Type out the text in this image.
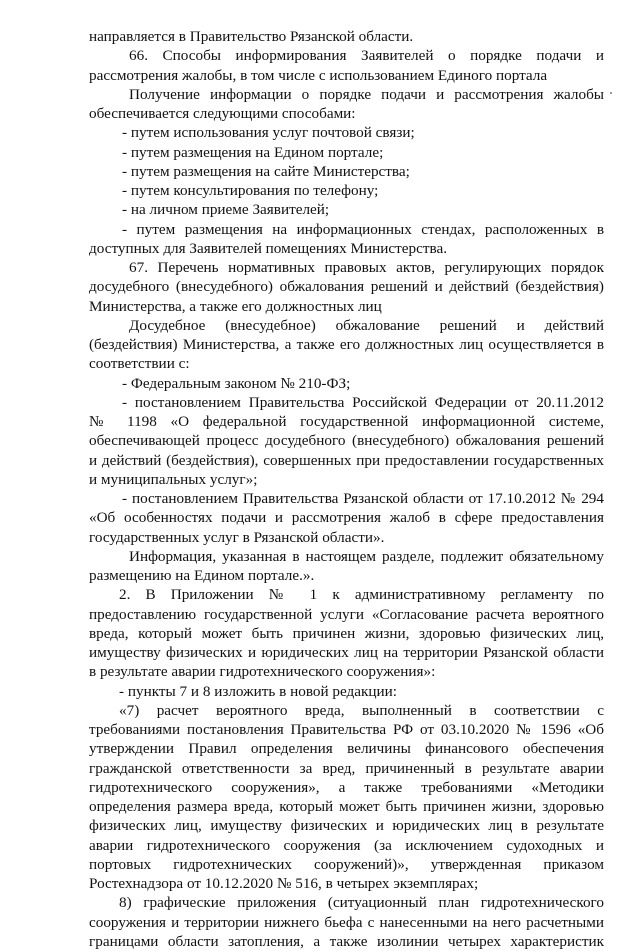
направляется в Правительство Рязанской области.
66. Способы информирования Заявителей о порядке подачи и
рассмотрения жалобы, в том числе с использованием Единого портала
Получение информации о порядке подачи и рассмотрения жалобы
обеспечивается следующими способами:
- путем использования услуг почтовой связи;
- путем размещения на Едином портале;
- путем размещения на сайте Министерства;
- путем консультирования по телефону;
- на личном приеме Заявителей;
- путем размещения на информационных стендах, расположенных в
доступных для Заявителей помещениях Министерства.
67. Перечень нормативных правовых актов, регулирующих порядок
досудебного (внесудебного) обжалования решений и действий (бездействия)
Министерства, а также его должностных лиц
Досудебное (внесудебное) обжалование решений и действий
(бездействия) Министерства, а также его должностных лиц осуществляется в
соответствии с:
- Федеральным законом № 210-ФЗ;
- постановлением Правительства Российской Федерации от 20.11.2012
№ 1198 «О федеральной государственной информационной системе,
обеспечивающей процесс досудебного (внесудебного) обжалования решений
и действий (бездействия), совершенных при предоставлении государственных
и муниципальных услуг»;
- постановлением Правительства Рязанской области от 17.10.2012 № 294
«Об особенностях подачи и рассмотрения жалоб в сфере предоставления
государственных услуг в Рязанской области».
Информация, указанная в настоящем разделе, подлежит обязательному
размещению на Едином портале.».
2. В Приложении № 1 к административному регламенту по
предоставлению государственной услуги «Согласование расчета вероятного
вреда, который может быть причинен жизни, здоровью физических лиц,
имуществу физических и юридических лиц на территории Рязанской области
в результате аварии гидротехнического сооружения»:
- пункты 7 и 8 изложить в новой редакции:
«7) расчет вероятного вреда, выполненный в соответствии с
требованиями постановления Правительства РФ от 03.10.2020 № 1596 «Об
утверждении Правил определения величины финансового обеспечения
гражданской ответственности за вред, причиненный в результате аварии
гидротехнического сооружения», а также требованиями «Методики
определения размера вреда, который может быть причинен жизни, здоровью
физических лиц, имуществу физических и юридических лиц в результате
аварии гидротехнического сооружения (за исключением судоходных и
портовых гидротехнических сооружений)», утвержденная приказом
Ростехнадзора от 10.12.2020 № 516, в четырех экземплярах;
8) графические приложения (ситуационный план гидротехнического
сооружения и территории нижнего бьефа с нанесенными на него расчетными
границами области затопления, а также изолинии четырех характеристик
